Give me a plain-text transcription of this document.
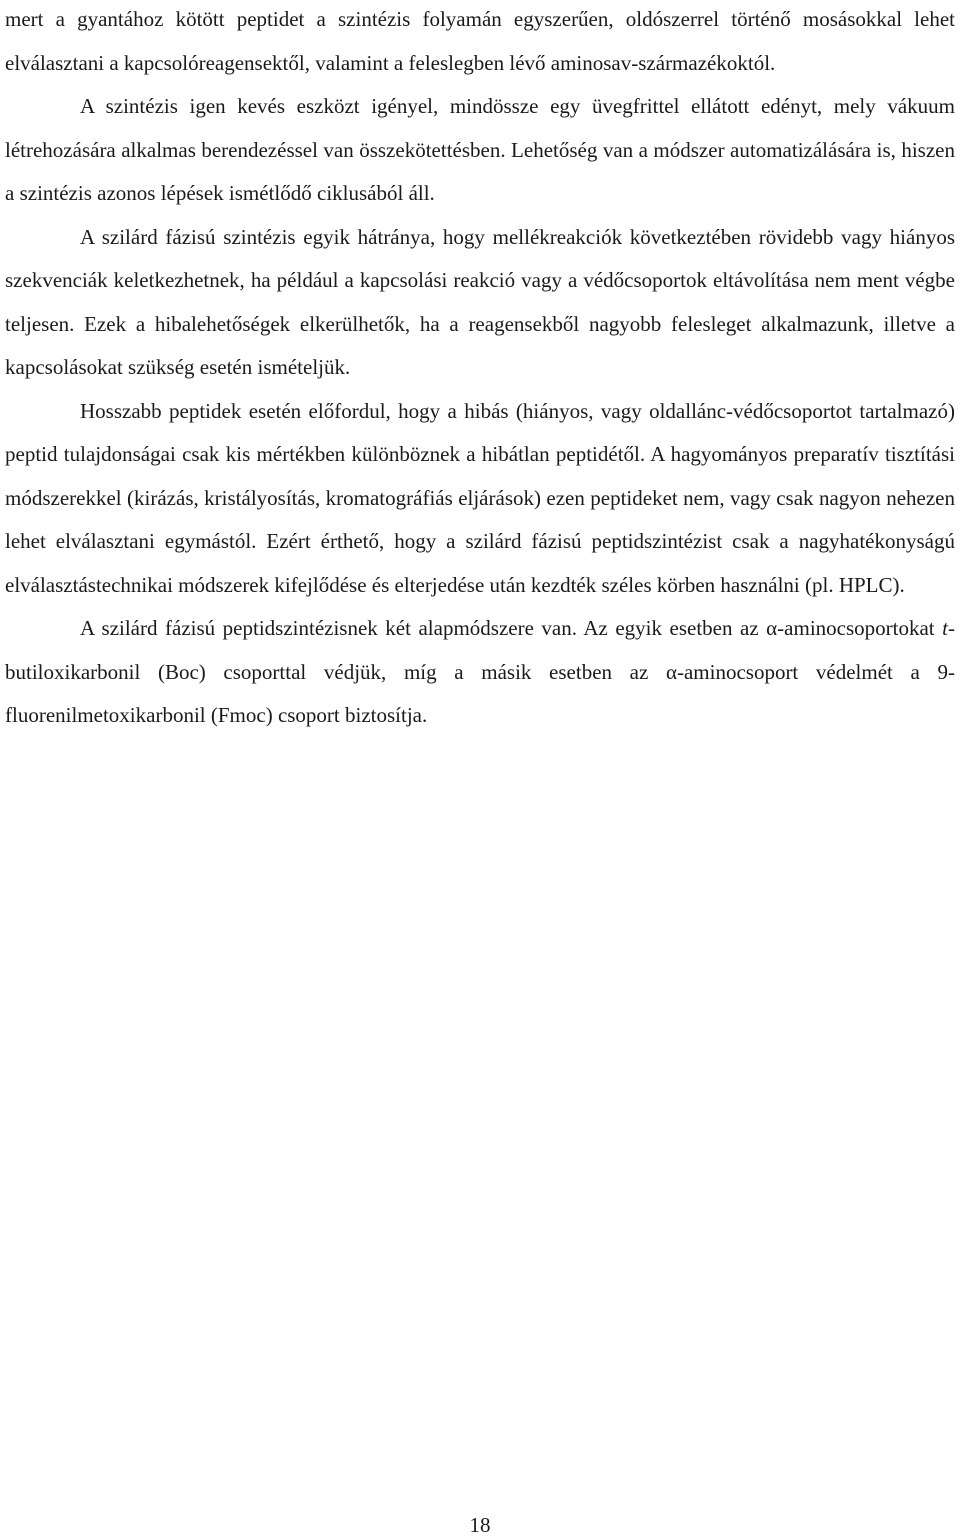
mert a gyantához kötött peptidet a szintézis folyamán egyszerűen, oldószerrel történő mosásokkal lehet elválasztani a kapcsolóreagensektől, valamint a feleslegben lévő aminosav-származékoktól.

A szintézis igen kevés eszközt igényel, mindössze egy üvegfrittel ellátott edényt, mely vákuum létrehozására alkalmas berendezéssel van összekötettésben. Lehetőség van a módszer automatizálására is, hiszen a szintézis azonos lépések ismétlődő ciklusából áll.

A szilárd fázisú szintézis egyik hátránya, hogy mellékreakciók következtében rövidebb vagy hiányos szekvenciák keletkezhetnek, ha például a kapcsolási reakció vagy a védőcsoportok eltávolítása nem ment végbe teljesen. Ezek a hibalehetőségek elkerülhetők, ha a reagensekből nagyobb felesleget alkalmazunk, illetve a kapcsolásokat szükség esetén ismételjük.

Hosszabb peptidek esetén előfordul, hogy a hibás (hiányos, vagy oldallánc-védőcsoportot tartalmazó) peptid tulajdonságai csak kis mértékben különböznek a hibátlan peptidétől. A hagyományos preparatív tisztítási módszerekkel (kirázás, kristályosítás, kromatográfiás eljárások) ezen peptideket nem, vagy csak nagyon nehezen lehet elválasztani egymástól. Ezért érthető, hogy a szilárd fázisú peptidszintézist csak a nagyhatékonyságú elválasztástechnikai módszerek kifejlődése és elterjedése után kezdték széles körben használni (pl. HPLC).

A szilárd fázisú peptidszintézisnek két alapmódszere van. Az egyik esetben az α-aminocsoportokat t-butiloxikarbonil (Boc) csoporttal védjük, míg a másik esetben az α-aminocsoport védelmét a 9-fluorenilmetoxikarbonil (Fmoc) csoport biztosítja.

18
